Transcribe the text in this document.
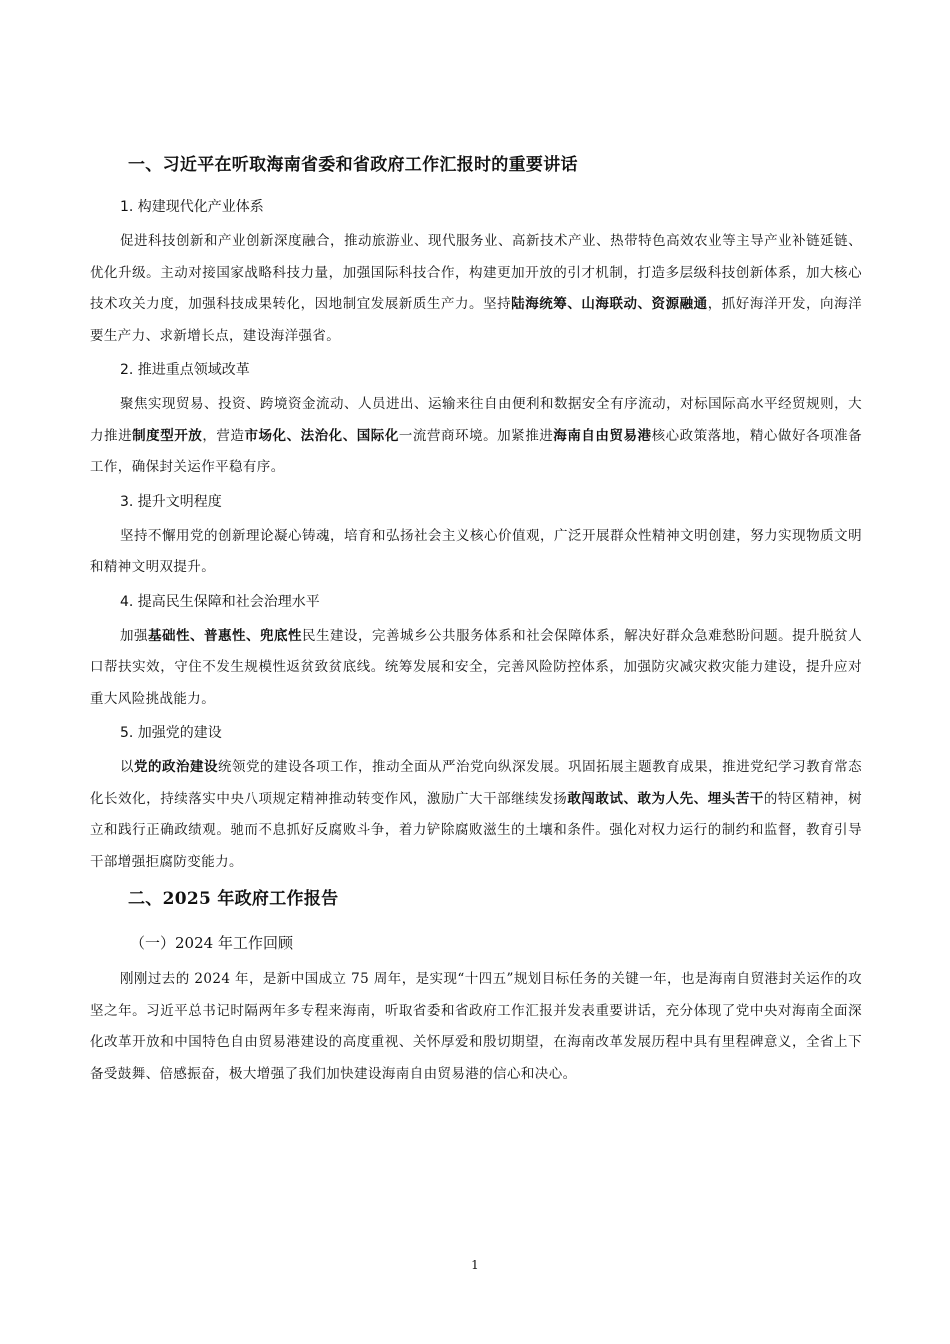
一、习近平在听取海南省委和省政府工作汇报时的重要讲话
1. 构建现代化产业体系
促进科技创新和产业创新深度融合，推动旅游业、现代服务业、高新技术产业、热带特色高效农业等主导产业补链延链、优化升级。主动对接国家战略科技力量，加强国际科技合作，构建更加开放的引才机制，打造多层级科技创新体系，加大核心技术攻关力度，加强科技成果转化，因地制宜发展新质生产力。坚持陆海统筹、山海联动、资源融通，抓好海洋开发，向海洋要生产力、求新增长点，建设海洋强省。
2. 推进重点领域改革
聚焦实现贸易、投资、跨境资金流动、人员进出、运输来往自由便利和数据安全有序流动，对标国际高水平经贸规则，大力推进制度型开放，营造市场化、法治化、国际化一流营商环境。加紧推进海南自由贸易港核心政策落地，精心做好各项准备工作，确保封关运作平稳有序。
3. 提升文明程度
坚持不懈用党的创新理论凝心铸魂，培育和弘扬社会主义核心价值观，广泛开展群众性精神文明创建，努力实现物质文明和精神文明双提升。
4. 提高民生保障和社会治理水平
加强基础性、普惠性、兜底性民生建设，完善城乡公共服务体系和社会保障体系，解决好群众急难愁盼问题。提升脱贫人口帮扶实效，守住不发生规模性返贫致贫底线。统筹发展和安全，完善风险防控体系，加强防灾减灾救灾能力建设，提升应对重大风险挑战能力。
5. 加强党的建设
以党的政治建设统领党的建设各项工作，推动全面从严治党向纵深发展。巩固拓展主题教育成果，推进党纪学习教育常态化长效化，持续落实中央八项规定精神推动转变作风，激励广大干部继续发扬敢闯敢试、敢为人先、埋头苦干的特区精神，树立和践行正确政绩观。驰而不息抓好反腐败斗争，着力铲除腐败滋生的土壤和条件。强化对权力运行的制约和监督，教育引导干部增强拒腐防变能力。
二、2025 年政府工作报告
（一）2024 年工作回顾
刚刚过去的 2024 年，是新中国成立 75 周年，是实现“十四五”规划目标任务的关键一年，也是海南自贸港封关运作的攻坚之年。习近平总书记时隔两年多专程来海南，听取省委和省政府工作汇报并发表重要讲话，充分体现了党中央对海南全面深化改革开放和中国特色自由贸易港建设的高度重视、关怀厚爱和殷切期望，在海南改革发展历程中具有里程碑意义，全省上下备受鼓舞、倍感振奋，极大增强了我们加快建设海南自由贸易港的信心和决心。
1
